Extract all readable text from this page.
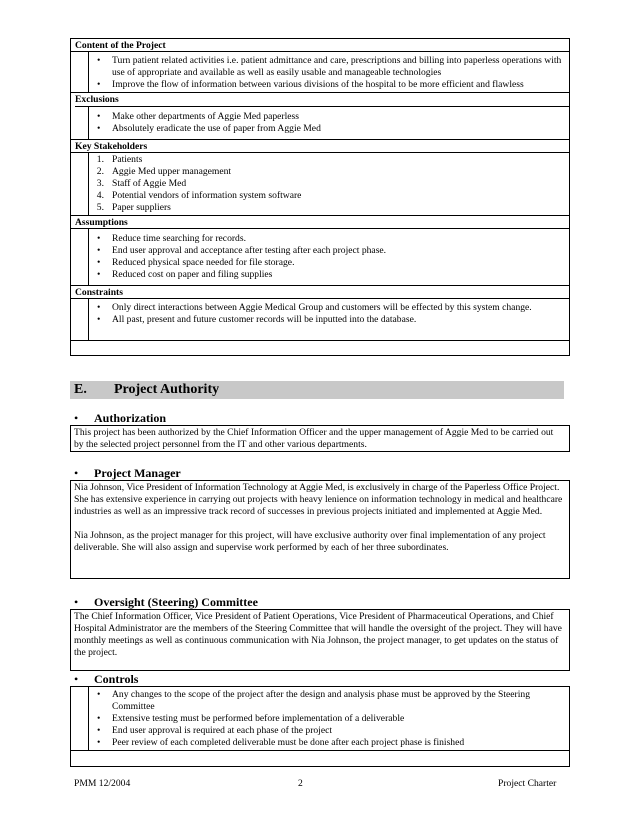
Content of the Project
• Turn patient related activities i.e. patient admittance and care, prescriptions and billing into paperless operations with use of appropriate and available as well as easily usable and manageable technologies
• Improve the flow of information between various divisions of the hospital to be more efficient and flawless
Exclusions
• Make other departments of Aggie Med paperless
• Absolutely eradicate the use of paper from Aggie Med
Key Stakeholders
1. Patients
2. Aggie Med upper management
3. Staff of Aggie Med
4. Potential vendors of information system software
5. Paper suppliers
Assumptions
• Reduce time searching for records.
• End user approval and acceptance after testing after each project phase.
• Reduced physical space needed for file storage.
• Reduced cost on paper and filing supplies
Constraints
• Only direct interactions between Aggie Medical Group and customers will be effected by this system change.
• All past, present and future customer records will be inputted into the database.
E. Project Authority
• Authorization

This project has been authorized by the Chief Information Officer and the upper management of Aggie Med to be carried out by the selected project personnel from the IT and other various departments.

• Project Manager

Nia Johnson, Vice President of Information Technology at Aggie Med, is exclusively in charge of the Paperless Office Project. She has extensive experience in carrying out projects with heavy lenience on information technology in medical and healthcare industries as well as an impressive track record of successes in previous projects initiated and implemented at Aggie Med.

Nia Johnson, as the project manager for this project, will have exclusive authority over final implementation of any project deliverable. She will also assign and supervise work performed by each of her three subordinates.

• Oversight (Steering) Committee

The Chief Information Officer, Vice President of Patient Operations, Vice President of Pharmaceutical Operations, and Chief Hospital Administrator are the members of the Steering Committee that will handle the oversight of the project. They will have monthly meetings as well as continuous communication with Nia Johnson, the project manager, to get updates on the status of the project.

• Controls
• Any changes to the scope of the project after the design and analysis phase must be approved by the Steering Committee
• Extensive testing must be performed before implementation of a deliverable
• End user approval is required at each phase of the project
• Peer review of each completed deliverable must be done after each project phase is finished
PMM 12/2004	2	Project Charter
